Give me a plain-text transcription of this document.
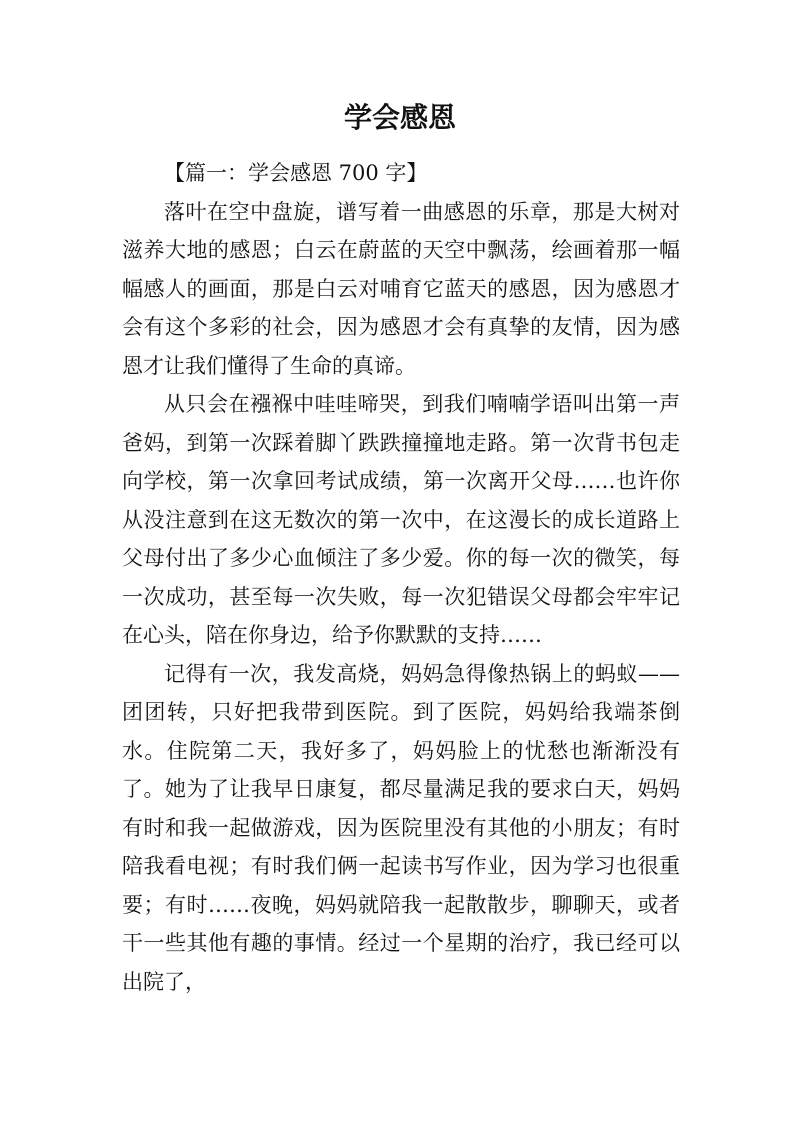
学会感恩

【篇一：学会感恩 700 字】

落叶在空中盘旋，谱写着一曲感恩的乐章，那是大树对滋养大地的感恩；白云在蔚蓝的天空中飘荡，绘画着那一幅幅感人的画面，那是白云对哺育它蓝天的感恩，因为感恩才会有这个多彩的社会，因为感恩才会有真挚的友情，因为感恩才让我们懂得了生命的真谛。

从只会在襁褓中哇哇啼哭，到我们喃喃学语叫出第一声爸妈，到第一次踩着脚丫跌跌撞撞地走路。第一次背书包走向学校，第一次拿回考试成绩，第一次离开父母……也许你从没注意到在这无数次的第一次中，在这漫长的成长道路上父母付出了多少心血倾注了多少爱。你的每一次的微笑，每一次成功，甚至每一次失败，每一次犯错误父母都会牢牢记在心头，陪在你身边，给予你默默的支持……

记得有一次，我发高烧，妈妈急得像热锅上的蚂蚁——团团转，只好把我带到医院。到了医院，妈妈给我端茶倒水。住院第二天，我好多了，妈妈脸上的忧愁也渐渐没有了。她为了让我早日康复，都尽量满足我的要求白天，妈妈有时和我一起做游戏，因为医院里没有其他的小朋友；有时陪我看电视；有时我们俩一起读书写作业，因为学习也很重要；有时……夜晚，妈妈就陪我一起散散步，聊聊天，或者干一些其他有趣的事情。经过一个星期的治疗，我已经可以出院了，
